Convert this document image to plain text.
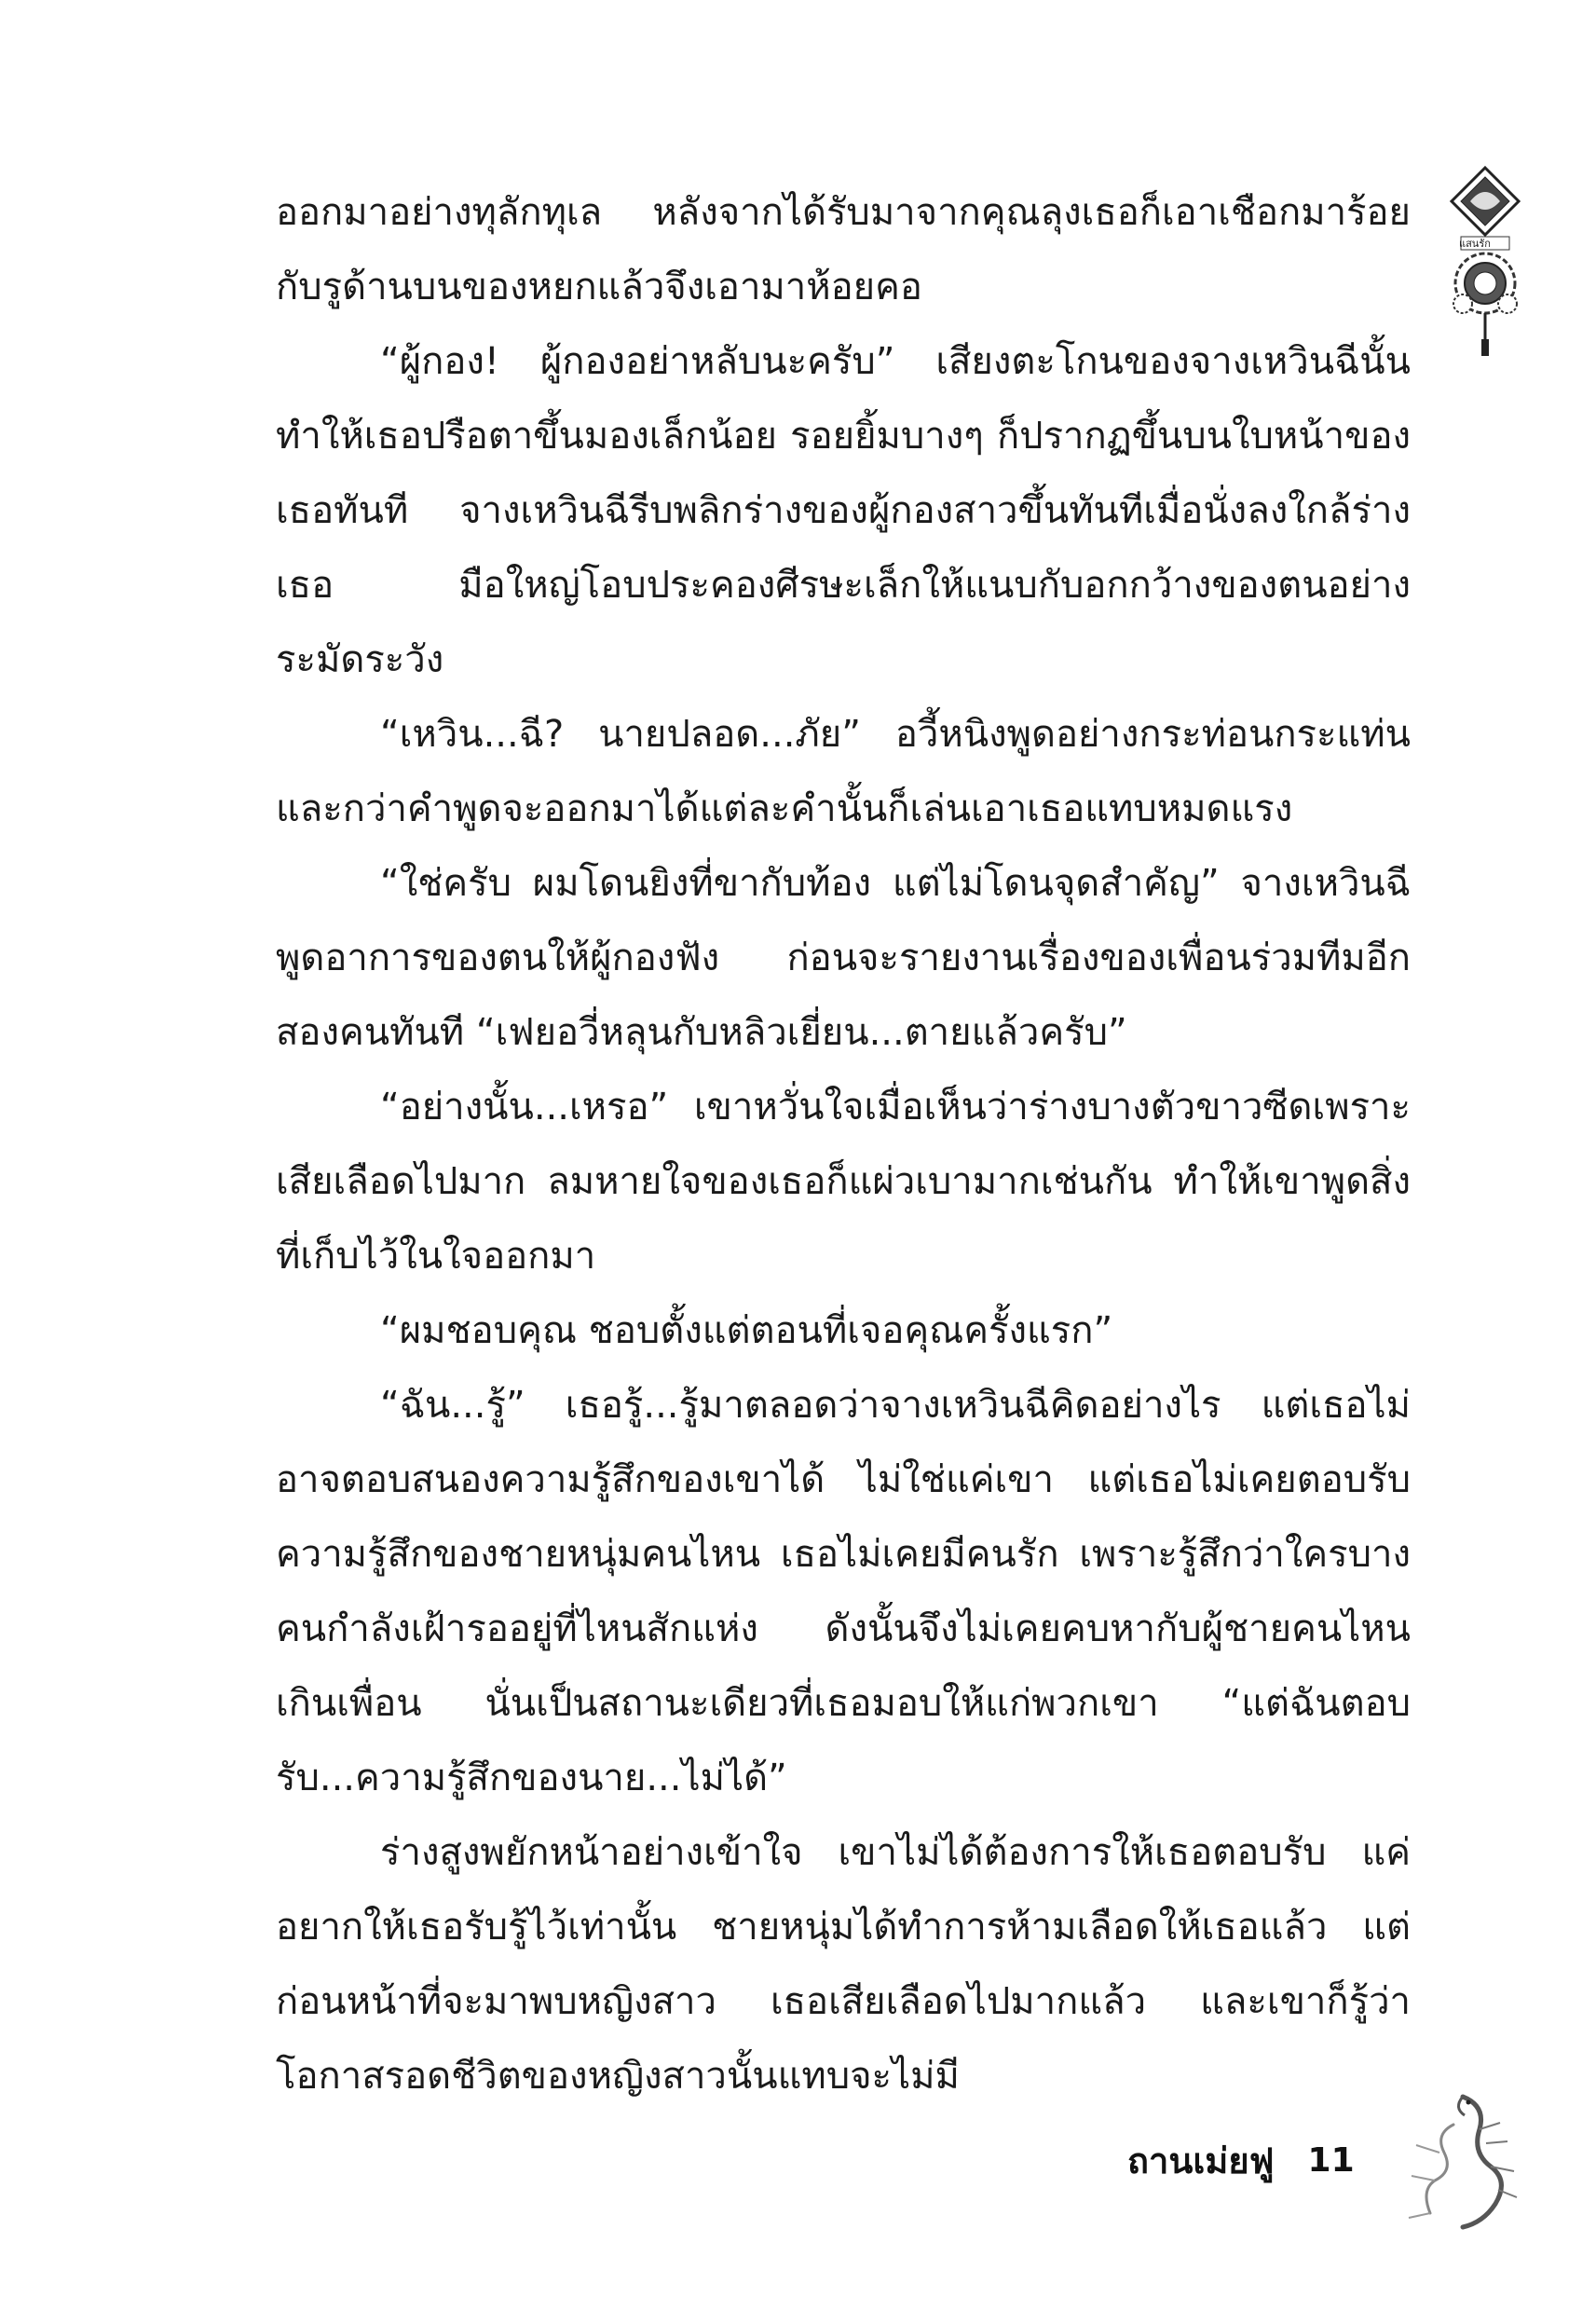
ออกมาอย่างทุลักทุเล หลังจากได้รับมาจากคุณลุงเธอก็เอาเชือกมาร้อยกับรูด้านบนของหยกแล้วจึงเอามาห้อยคอ

“ผู้กอง! ผู้กองอย่าหลับนะครับ” เสียงตะโกนของจางเหวินฉีนั้นทำให้เธอปรือตาขึ้นมองเล็กน้อย รอยยิ้มบางๆ ก็ปรากฏขึ้นบนใบหน้าของเธอทันที จางเหวินฉีรีบพลิกร่างของผู้กองสาวขึ้นทันทีเมื่อนั่งลงใกล้ร่างเธอ มือใหญ่โอบประคองศีรษะเล็กให้แนบกับอกกว้างของตนอย่างระมัดระวัง

“เหวิน...ฉี? นายปลอด...ภัย” อวี้หนิงพูดอย่างกระท่อนกระแท่นและกว่าคำพูดจะออกมาได้แต่ละคำนั้นก็เล่นเอาเธอแทบหมดแรง

“ใช่ครับ ผมโดนยิงที่ขากับท้อง แต่ไม่โดนจุดสำคัญ” จางเหวินฉีพูดอาการของตนให้ผู้กองฟัง ก่อนจะรายงานเรื่องของเพื่อนร่วมทีมอีกสองคนทันที “เฟยอวี่หลุนกับหลิวเยี่ยน...ตายแล้วครับ”

“อย่างนั้น...เหรอ” เขาหวั่นใจเมื่อเห็นว่าร่างบางตัวขาวซีดเพราะเสียเลือดไปมาก ลมหายใจของเธอก็แผ่วเบามากเช่นกัน ทำให้เขาพูดสิ่งที่เก็บไว้ในใจออกมา

“ผมชอบคุณ ชอบตั้งแต่ตอนที่เจอคุณครั้งแรก”

“ฉัน...รู้” เธอรู้...รู้มาตลอดว่าจางเหวินฉีคิดอย่างไร แต่เธอไม่อาจตอบสนองความรู้สึกของเขาได้ ไม่ใช่แค่เขา แต่เธอไม่เคยตอบรับความรู้สึกของชายหนุ่มคนไหน เธอไม่เคยมีคนรัก เพราะรู้สึกว่าใครบางคนกำลังเฝ้ารออยู่ที่ไหนสักแห่ง ดังนั้นจึงไม่เคยคบหากับผู้ชายคนไหนเกินเพื่อน นั่นเป็นสถานะเดียวที่เธอมอบให้แก่พวกเขา “แต่ฉันตอบรับ...ความรู้สึกของนาย...ไม่ได้”

ร่างสูงพยักหน้าอย่างเข้าใจ เขาไม่ได้ต้องการให้เธอตอบรับ แค่อยากให้เธอรับรู้ไว้เท่านั้น ชายหนุ่มได้ทำการห้ามเลือดให้เธอแล้ว แต่ก่อนหน้าที่จะมาพบหญิงสาว เธอเสียเลือดไปมากแล้ว และเขาก็รู้ว่าโอกาสรอดชีวิตของหญิงสาวนั้นแทบจะไม่มี

แสนรัก
ถานเม่ยฟู 11
